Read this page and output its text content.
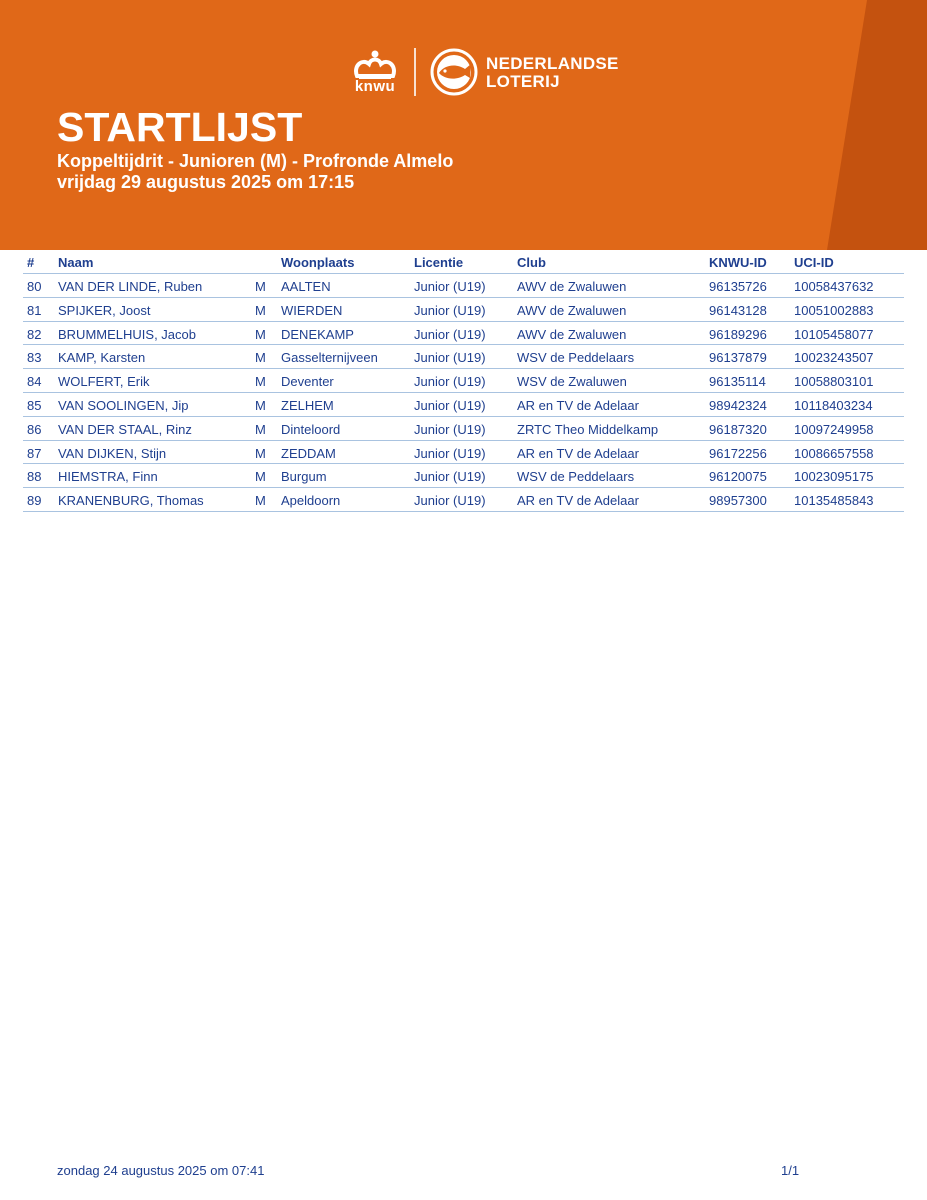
knwu
NEDERLANDSE
LOTERIJ
STARTLIJST
Koppeltijdrit - Junioren (M) - Profronde Almelo
vrijdag 29 augustus 2025 om 17:15
# Naam	Woonplaats	Licentie	Club	KNWU-ID UCI-ID
80 VAN DER LINDE, Ruben	M AALTEN	Junior (U19) AWV de Zwaluwen	96135726 10058437632
81 SPIJKER, Joost	M WIERDEN	Junior (U19) AWV de Zwaluwen	96143128 10051002883
82 BRUMMELHUIS, Jacob	M DENEKAMP	Junior (U19) AWV de Zwaluwen	96189296 10105458077
83 KAMP, Karsten	M Gasselternijveen	Junior (U19) WSV de Peddelaars	96137879 10023243507
84 WOLFERT, Erik	M Deventer	Junior (U19) WSV de Zwaluwen	96135114 10058803101
85 VAN SOOLINGEN, Jip	M ZELHEM	Junior (U19) AR en TV de Adelaar	98942324 10118403234
86 VAN DER STAAL, Rinz	M Dinteloord	Junior (U19) ZRTC Theo Middelkamp	96187320 10097249958
87 VAN DIJKEN, Stijn	M ZEDDAM	Junior (U19) AR en TV de Adelaar	96172256 10086657558
88 HIEMSTRA, Finn	M Burgum	Junior (U19) WSV de Peddelaars	96120075 10023095175
89 KRANENBURG, Thomas	M Apeldoorn	Junior (U19) AR en TV de Adelaar	98957300 10135485843
zondag 24 augustus 2025 om 07:41	1/1
